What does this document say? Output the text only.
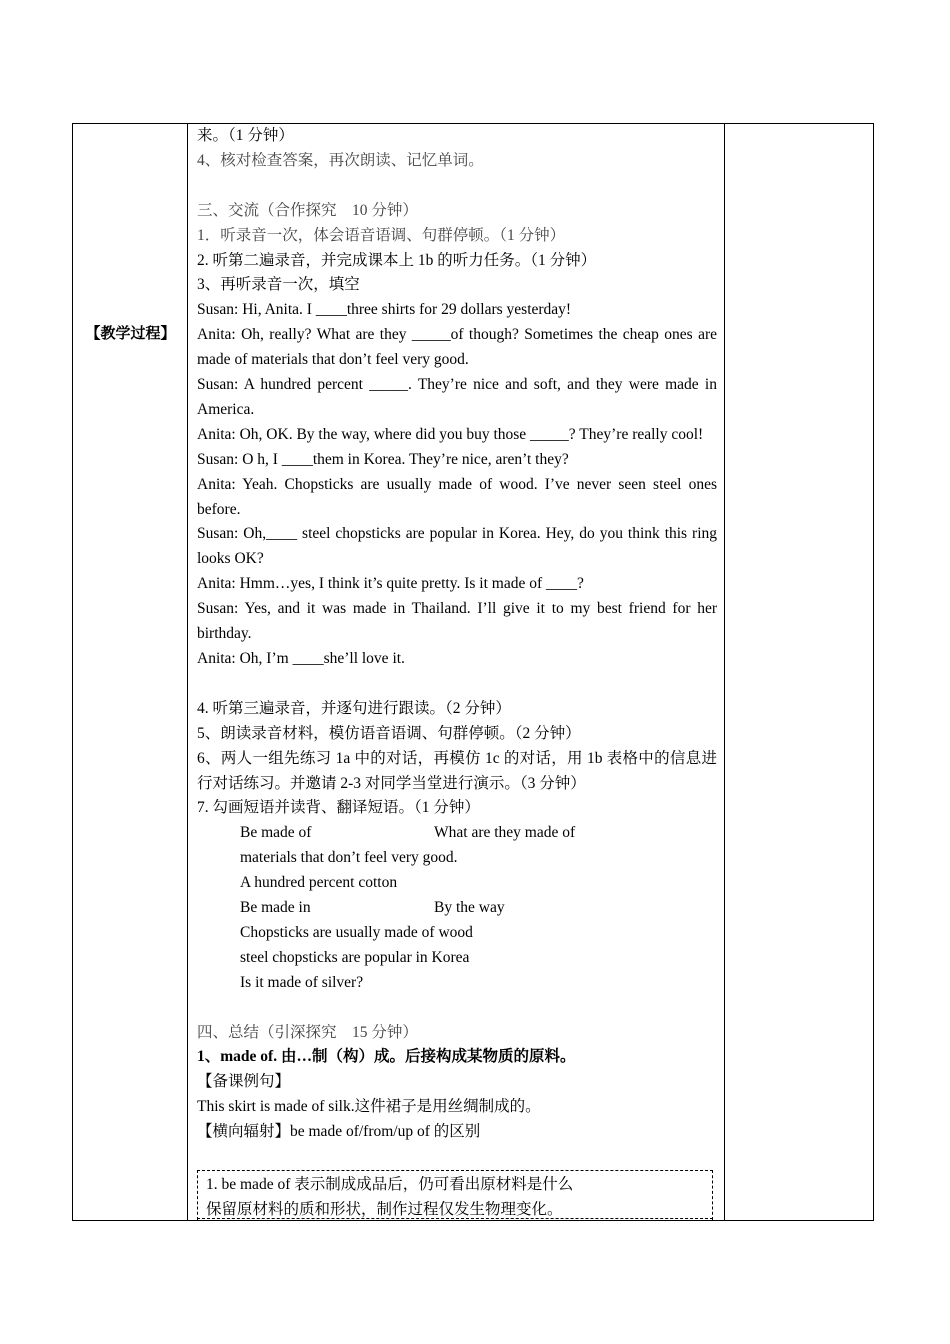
【教学过程】
来。（1 分钟）
4、核对检查答案，再次朗读、记忆单词。
三、交流（合作探究　10 分钟）
1．听录音一次，体会语音语调、句群停顿。（1 分钟）
2. 听第二遍录音，并完成课本上 1b 的听力任务。（1 分钟）
3、再听录音一次，填空
Susan: Hi, Anita. I ____three shirts for 29 dollars yesterday!
Anita: Oh, really? What are they _____of though? Sometimes the cheap ones are made of materials that don’t feel very good.
Susan: A hundred percent _____. They’re nice and soft, and they were made in America.
Anita: Oh, OK. By the way, where did you buy those _____? They’re really cool!
Susan: O h, I ____them in Korea. They’re nice, aren’t they?
Anita: Yeah. Chopsticks are usually made of wood. I’ve never seen steel ones before.
Susan: Oh,____ steel chopsticks are popular in Korea. Hey, do you think this ring looks OK?
Anita: Hmm…yes, I think it’s quite pretty. Is it made of ____?
Susan: Yes, and it was made in Thailand. I’ll give it to my best friend for her birthday.
Anita: Oh, I’m ____she’ll love it.
4. 听第三遍录音，并逐句进行跟读。（2 分钟）
5、朗读录音材料，模仿语音语调、句群停顿。（2 分钟）
6、两人一组先练习 1a 中的对话，再模仿 1c 的对话，用 1b 表格中的信息进行对话练习。并邀请 2-3 对同学当堂进行演示。（3 分钟）
7. 勾画短语并读背、翻译短语。（1 分钟）
Be made of	What are they made of
materials that don’t feel very good.
A hundred percent cotton
Be made in	By the way
Chopsticks are usually made of wood
steel chopsticks are popular in Korea
Is it made of silver?
四、总结（引深探究　15 分钟）
1、made of. 由…制（构）成。后接构成某物质的原料。
【备课例句】
This skirt is made of silk.这件裙子是用丝绸制成的。
【横向辐射】be made of/from/up of 的区别
1. be made of 表示制成成品后，仍可看出原材料是什么
保留原材料的质和形状，制作过程仅发生物理变化。
